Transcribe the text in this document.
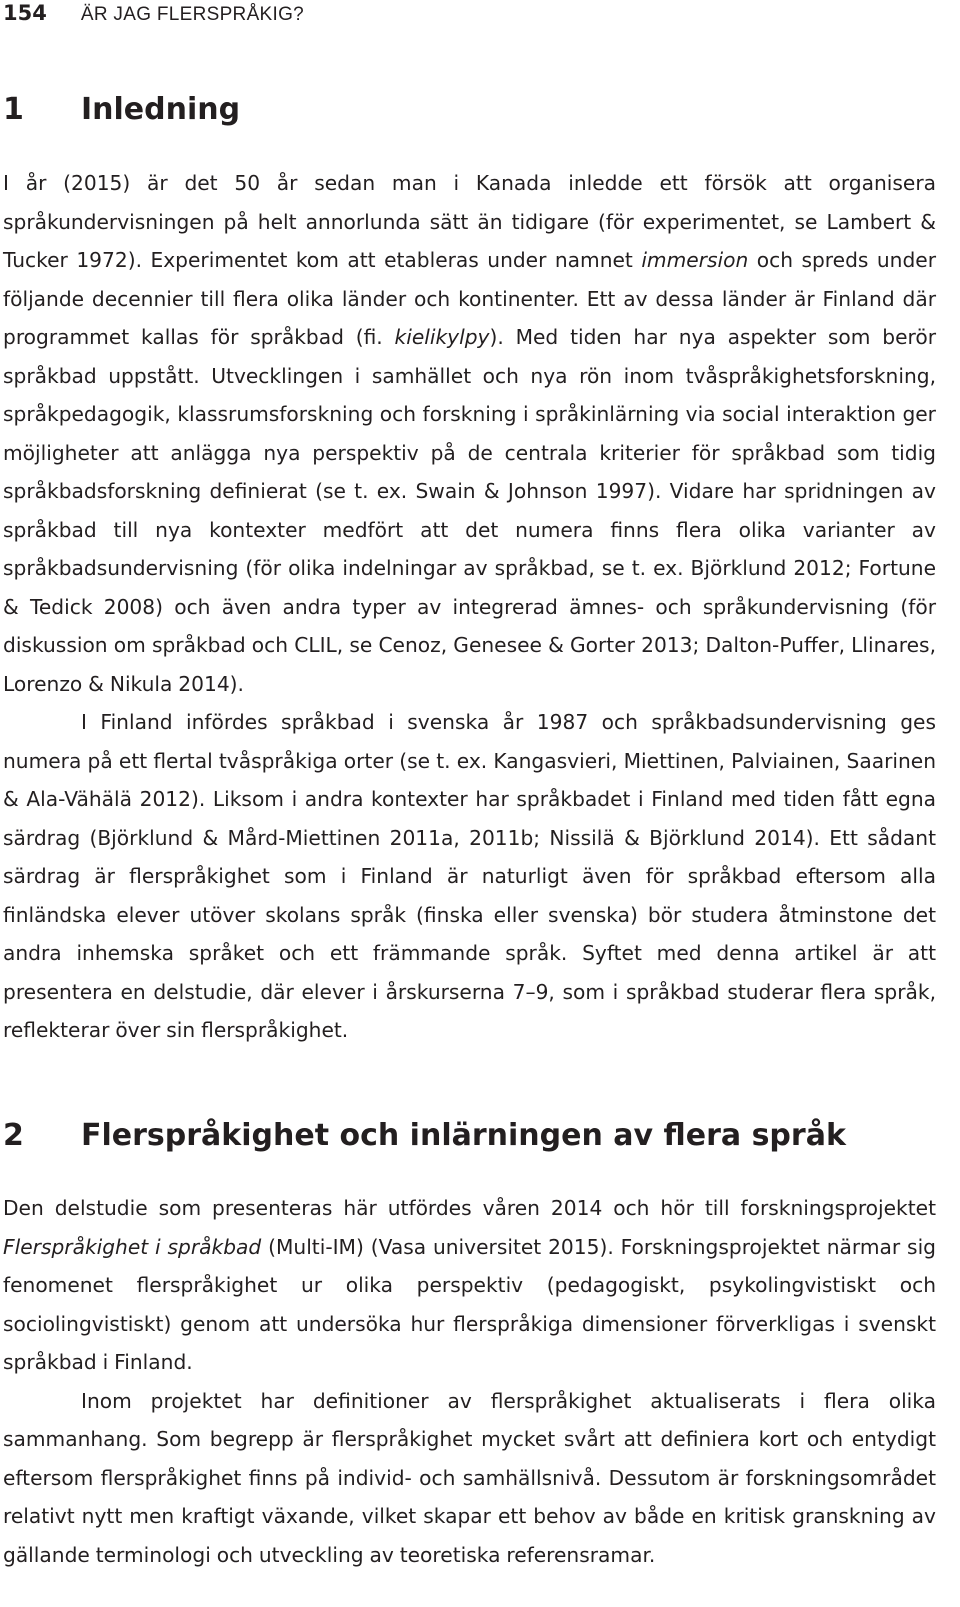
154 ÄR JAG FLERSPRÅKIG?
1 Inledning

I år (2015) är det 50 år sedan man i Kanada inledde ett försök att organisera språkundervisningen på helt annorlunda sätt än tidigare (för experimentet, se Lambert & Tucker 1972). Experimentet kom att etableras under namnet immersion och spreds under följande decennier till flera olika länder och kontinenter. Ett av dessa länder är Finland där programmet kallas för språkbad (fi. kielikylpy). Med tiden har nya aspekter som berör språkbad uppstått. Utvecklingen i samhället och nya rön inom tvåspråkighetsforskning, språkpedagogik, klassrumsforskning och forskning i språkinlärning via social interaktion ger möjligheter att anlägga nya perspektiv på de centrala kriterier för språkbad som tidig språkbadsforskning definierat (se t. ex. Swain & Johnson 1997). Vidare har spridningen av språkbad till nya kontexter medfört att det numera finns flera olika varianter av språkbadsundervisning (för olika indelningar av språkbad, se t. ex. Björklund 2012; Fortune & Tedick 2008) och även andra typer av integrerad ämnes- och språkundervisning (för diskussion om språkbad och CLIL, se Cenoz, Genesee & Gorter 2013; Dalton-Puffer, Llinares, Lorenzo & Nikula 2014).

I Finland infördes språkbad i svenska år 1987 och språkbadsundervisning ges numera på ett flertal tvåspråkiga orter (se t. ex. Kangasvieri, Miettinen, Palviainen, Saarinen & Ala-Vähälä 2012). Liksom i andra kontexter har språkbadet i Finland med tiden fått egna särdrag (Björklund & Mård-Miettinen 2011a, 2011b; Nissilä & Björklund 2014). Ett sådant särdrag är flerspråkighet som i Finland är naturligt även för språkbad eftersom alla finländska elever utöver skolans språk (finska eller svenska) bör studera åtminstone det andra inhemska språket och ett främmande språk. Syftet med denna artikel är att presentera en delstudie, där elever i årskurserna 7–9, som i språkbad studerar flera språk, reflekterar över sin flerspråkighet.

2 Flerspråkighet och inlärningen av flera språk

Den delstudie som presenteras här utfördes våren 2014 och hör till forskningsprojektet Flerspråkighet i språkbad (Multi-IM) (Vasa universitet 2015). Forskningsprojektet närmar sig fenomenet flerspråkighet ur olika perspektiv (pedagogiskt, psykolingvistiskt och sociolingvistiskt) genom att undersöka hur flerspråkiga dimensioner förverkligas i svenskt språkbad i Finland.

Inom projektet har definitioner av flerspråkighet aktualiserats i flera olika sammanhang. Som begrepp är flerspråkighet mycket svårt att definiera kort och entydigt eftersom flerspråkighet finns på individ- och samhällsnivå. Dessutom är forskningsområdet relativt nytt men kraftigt växande, vilket skapar ett behov av både en kritisk granskning av gällande terminologi och utveckling av teoretiska referensramar.
